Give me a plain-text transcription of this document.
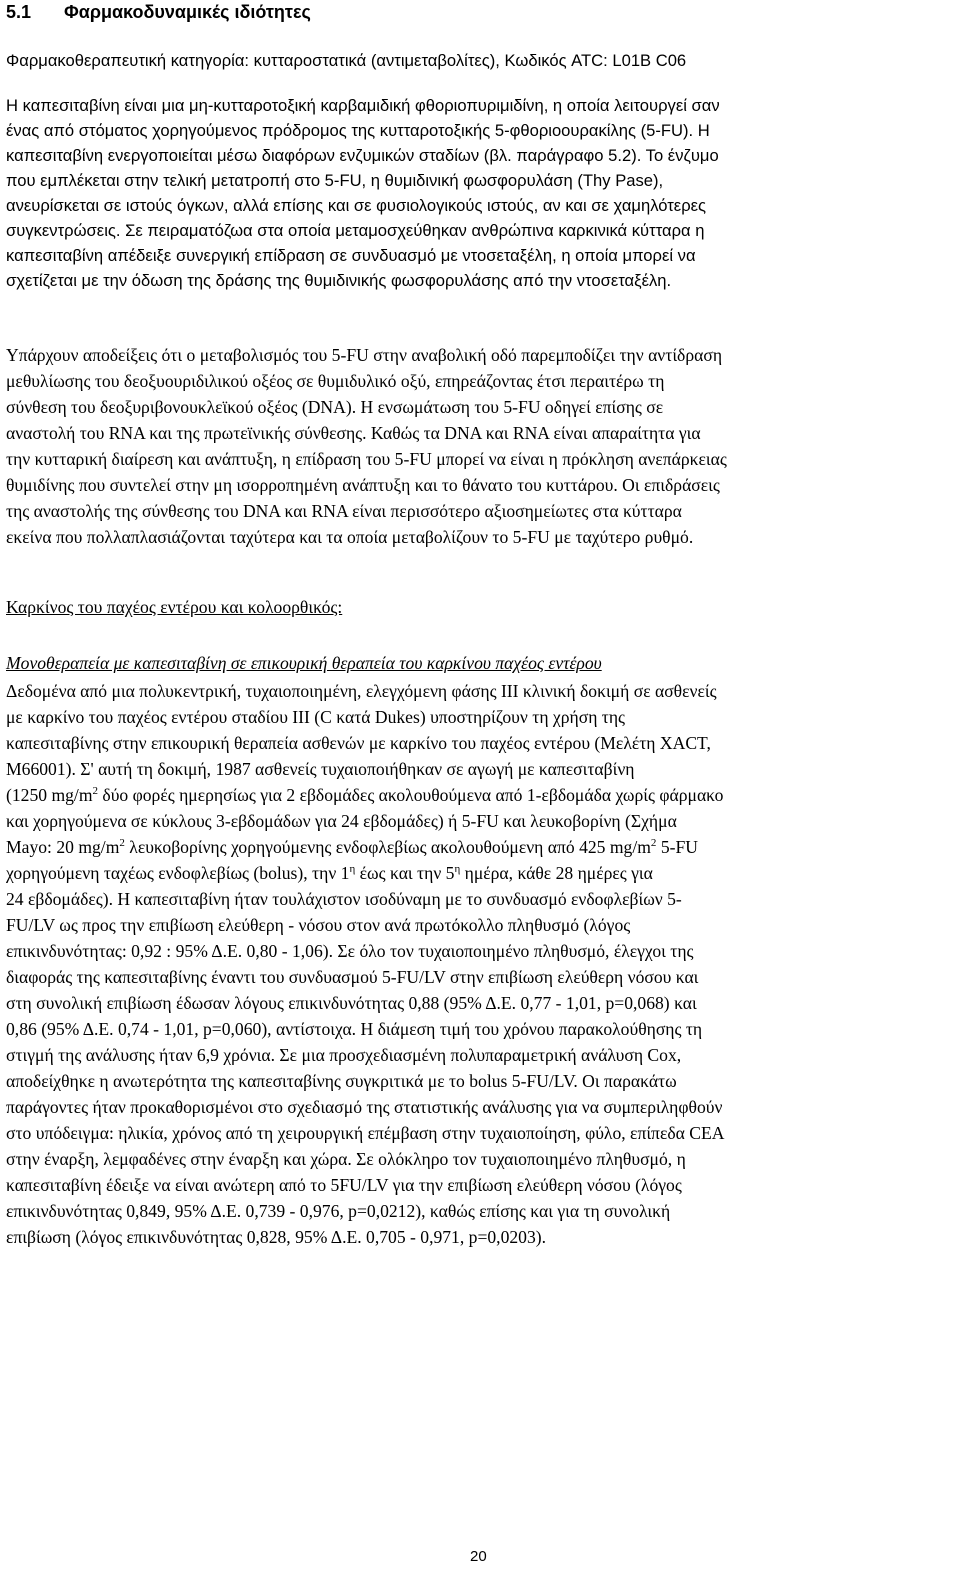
5.1 Φαρμακοδυναμικές ιδιότητες
Φαρμακοθεραπευτική κατηγορία: κυτταροστατικά (αντιμεταβολίτες), Κωδικός ATC: L01B C06
Η καπεσιταβίνη είναι μια μη-κυτταροτοξική καρβαμιδική φθοριοπυριμιδίνη, η οποία λειτουργεί σαν
ένας από στόματος χορηγούμενος πρόδρομος της κυτταροτοξικής 5-φθοριοουρακίλης (5-FU). Η
καπεσιταβίνη ενεργοποιείται μέσω διαφόρων ενζυμικών σταδίων (βλ. παράγραφο 5.2). Το ένζυμο
που εμπλέκεται στην τελική μετατροπή στο 5-FU, η θυμιδινική φωσφορυλάση (Thy Pase),
ανευρίσκεται σε ιστούς όγκων, αλλά επίσης και σε φυσιολογικούς ιστούς, αν και σε χαμηλότερες
συγκεντρώσεις. Σε πειραματόζωα στα οποία μεταμοσχεύθηκαν ανθρώπινα καρκινικά κύτταρα η
καπεσιταβίνη απέδειξε συνεργική επίδραση σε συνδυασμό με ντοσεταξέλη, η οποία μπορεί να
σχετίζεται με την όδωση της δράσης της θυμιδινικής φωσφορυλάσης από την ντοσεταξέλη.
Υπάρχουν αποδείξεις ότι ο μεταβολισμός του 5-FU στην αναβολική οδό παρεμποδίζει την αντίδραση
μεθυλίωσης του δεοξυουριδιλικού οξέος σε θυμιδυλικό οξύ, επηρεάζοντας έτσι περαιτέρω τη
σύνθεση του δεοξυριβονουκλεϊκού οξέος (DNA). Η ενσωμάτωση του 5-FU οδηγεί επίσης σε
αναστολή του RNA και της πρωτεϊνικής σύνθεσης. Καθώς τα DNA και RNA είναι απαραίτητα για
την κυτταρική διαίρεση και ανάπτυξη, η επίδραση του 5-FU μπορεί να είναι η πρόκληση ανεπάρκειας
θυμιδίνης που συντελεί στην μη ισορροπημένη ανάπτυξη και το θάνατο του κυττάρου. Οι επιδράσεις
της αναστολής της σύνθεσης του DNA και RNA είναι περισσότερο αξιοσημείωτες στα κύτταρα
εκείνα που πολλαπλασιάζονται ταχύτερα και τα οποία μεταβολίζουν το 5-FU με ταχύτερο ρυθμό.
Καρκίνος του παχέος εντέρου και κολοορθικός:
Μονοθεραπεία με καπεσιταβίνη σε επικουρική θεραπεία του καρκίνου παχέος εντέρου
Δεδομένα από μια πολυκεντρική, τυχαιοποιημένη, ελεγχόμενη φάσης ΙΙΙ κλινική δοκιμή σε ασθενείς
με καρκίνο του παχέος εντέρου σταδίου ΙΙΙ (C κατά Dukes) υποστηρίζουν τη χρήση της
καπεσιταβίνης στην επικουρική θεραπεία ασθενών με καρκίνο του παχέος εντέρου (Μελέτη XACT,
M66001). Σ' αυτή τη δοκιμή, 1987 ασθενείς τυχαιοποιήθηκαν σε αγωγή με καπεσιταβίνη
(1250 $mg/m^2$ δύο φορές ημερησίως για 2 εβδομάδες ακολουθούμενα από 1-εβδομάδα χωρίς φάρμακο
και χορηγούμενα σε κύκλους 3-εβδομάδων για 24 εβδομάδες) ή 5-FU και λευκοβορίνη (Σχήμα
Mayo: 20 $mg/m^2$ λευκοβορίνης χορηγούμενης ενδοφλεβίως ακολουθούμενη από 425 $mg/m^2$ 5-FU
χορηγούμενη ταχέως ενδοφλεβίως (bolus), την $1^\eta$ έως και την $5^\eta$ ημέρα, κάθε 28 ημέρες για
24 εβδομάδες). Η καπεσιταβίνη ήταν τουλάχιστον ισοδύναμη με το συνδυασμό ενδοφλεβίων 5-
FU/LV ως προς την επιβίωση ελεύθερη - νόσου στον ανά πρωτόκολλο πληθυσμό (λόγος
επικινδυνότητας: 0,92 : 95% Δ.Ε. 0,80 - 1,06). Σε όλο τον τυχαιοποιημένο πληθυσμό, έλεγχοι της
διαφοράς της καπεσιταβίνης έναντι του συνδυασμού 5-FU/LV στην επιβίωση ελεύθερη νόσου και
στη συνολική επιβίωση έδωσαν λόγους επικινδυνότητας 0,88 (95% Δ.Ε. 0,77 - 1,01, p=0,068) και
0,86 (95% Δ.Ε. 0,74 - 1,01, p=0,060), αντίστοιχα. Η διάμεση τιμή του χρόνου παρακολούθησης τη
στιγμή της ανάλυσης ήταν 6,9 χρόνια. Σε μια προσχεδιασμένη πολυπαραμετρική ανάλυση Cox,
αποδείχθηκε η ανωτερότητα της καπεσιταβίνης συγκριτικά με το bolus 5-FU/LV. Οι παρακάτω
παράγοντες ήταν προκαθορισμένοι στο σχεδιασμό της στατιστικής ανάλυσης για να συμπεριληφθούν
στο υπόδειγμα: ηλικία, χρόνος από τη χειρουργική επέμβαση στην τυχαιοποίηση, φύλο, επίπεδα CEA
στην έναρξη, λεμφαδένες στην έναρξη και χώρα. Σε ολόκληρο τον τυχαιοποιημένο πληθυσμό, η
καπεσιταβίνη έδειξε να είναι ανώτερη από το 5FU/LV για την επιβίωση ελεύθερη νόσου (λόγος
επικινδυνότητας 0,849, 95% Δ.Ε. 0,739 - 0,976, p=0,0212), καθώς επίσης και για τη συνολική
επιβίωση (λόγος επικινδυνότητας 0,828, 95% Δ.Ε. 0,705 - 0,971, p=0,0203).
20
